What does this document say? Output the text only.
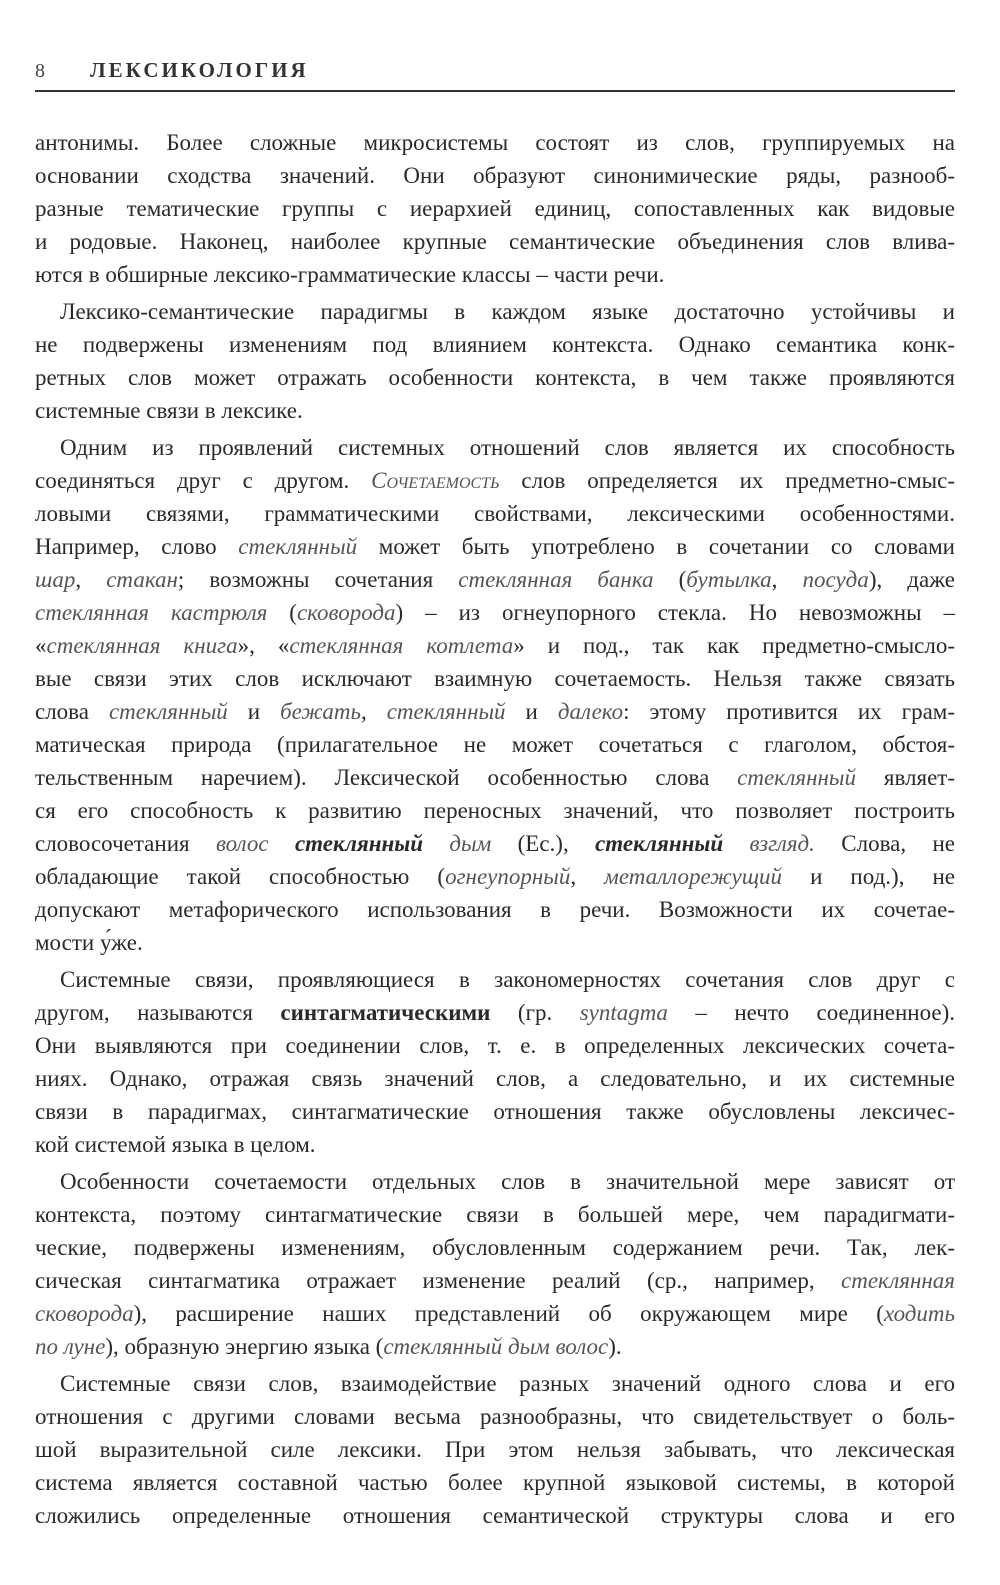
8 ЛЕКСИКОЛОГИЯ
антонимы. Более сложные микросистемы состоят из слов, группируемых на
основании сходства значений. Они образуют синонимические ряды, разнооб-
разные тематические группы с иерархией единиц, сопоставленных как видовые
и родовые. Наконец, наиболее крупные семантические объединения слов влива-
ются в обширные лексико-грамматические классы – части речи.
Лексико-семантические парадигмы в каждом языке достаточно устойчивы и
не подвержены изменениям под влиянием контекста. Однако семантика конк-
ретных слов может отражать особенности контекста, в чем также проявляются
системные связи в лексике.
Одним из проявлений системных отношений слов является их способность
соединяться друг с другом. Сочетаемость слов определяется их предметно-смыс-
ловыми связями, грамматическими свойствами, лексическими особенностями.
Например, слово стеклянный может быть употреблено в сочетании со словами
шар, стакан; возможны сочетания стеклянная банка (бутылка, посуда), даже
стеклянная кастрюля (сковорода) – из огнеупорного стекла. Но невозможны –
«стеклянная книга», «стеклянная котлета» и под., так как предметно-смысло-
вые связи этих слов исключают взаимную сочетаемость. Нельзя также связать
слова стеклянный и бежать, стеклянный и далеко: этому противится их грам-
матическая природа (прилагательное не может сочетаться с глаголом, обстоя-
тельственным наречием). Лексической особенностью слова стеклянный являет-
ся его способность к развитию переносных значений, что позволяет построить
словосочетания волос стеклянный дым (Ес.), стеклянный взгляд. Слова, не
обладающие такой способностью (огнеупорный, металлорежущий и под.), не
допускают метафорического использования в речи. Возможности их сочетае-
мости у́же.
Системные связи, проявляющиеся в закономерностях сочетания слов друг с
другом, называются синтагматическими (гр. syntagma – нечто соединенное).
Они выявляются при соединении слов, т. е. в определенных лексических сочета-
ниях. Однако, отражая связь значений слов, а следовательно, и их системные
связи в парадигмах, синтагматические отношения также обусловлены лексичес-
кой системой языка в целом.
Особенности сочетаемости отдельных слов в значительной мере зависят от
контекста, поэтому синтагматические связи в большей мере, чем парадигмати-
ческие, подвержены изменениям, обусловленным содержанием речи. Так, лек-
сическая синтагматика отражает изменение реалий (ср., например, стеклянная
сковорода), расширение наших представлений об окружающем мире (ходить
по луне), образную энергию языка (стеклянный дым волос).
Системные связи слов, взаимодействие разных значений одного слова и его
отношения с другими словами весьма разнообразны, что свидетельствует о боль-
шой выразительной силе лексики. При этом нельзя забывать, что лексическая
система является составной частью более крупной языковой системы, в которой
сложились определенные отношения семантической структуры слова и его
